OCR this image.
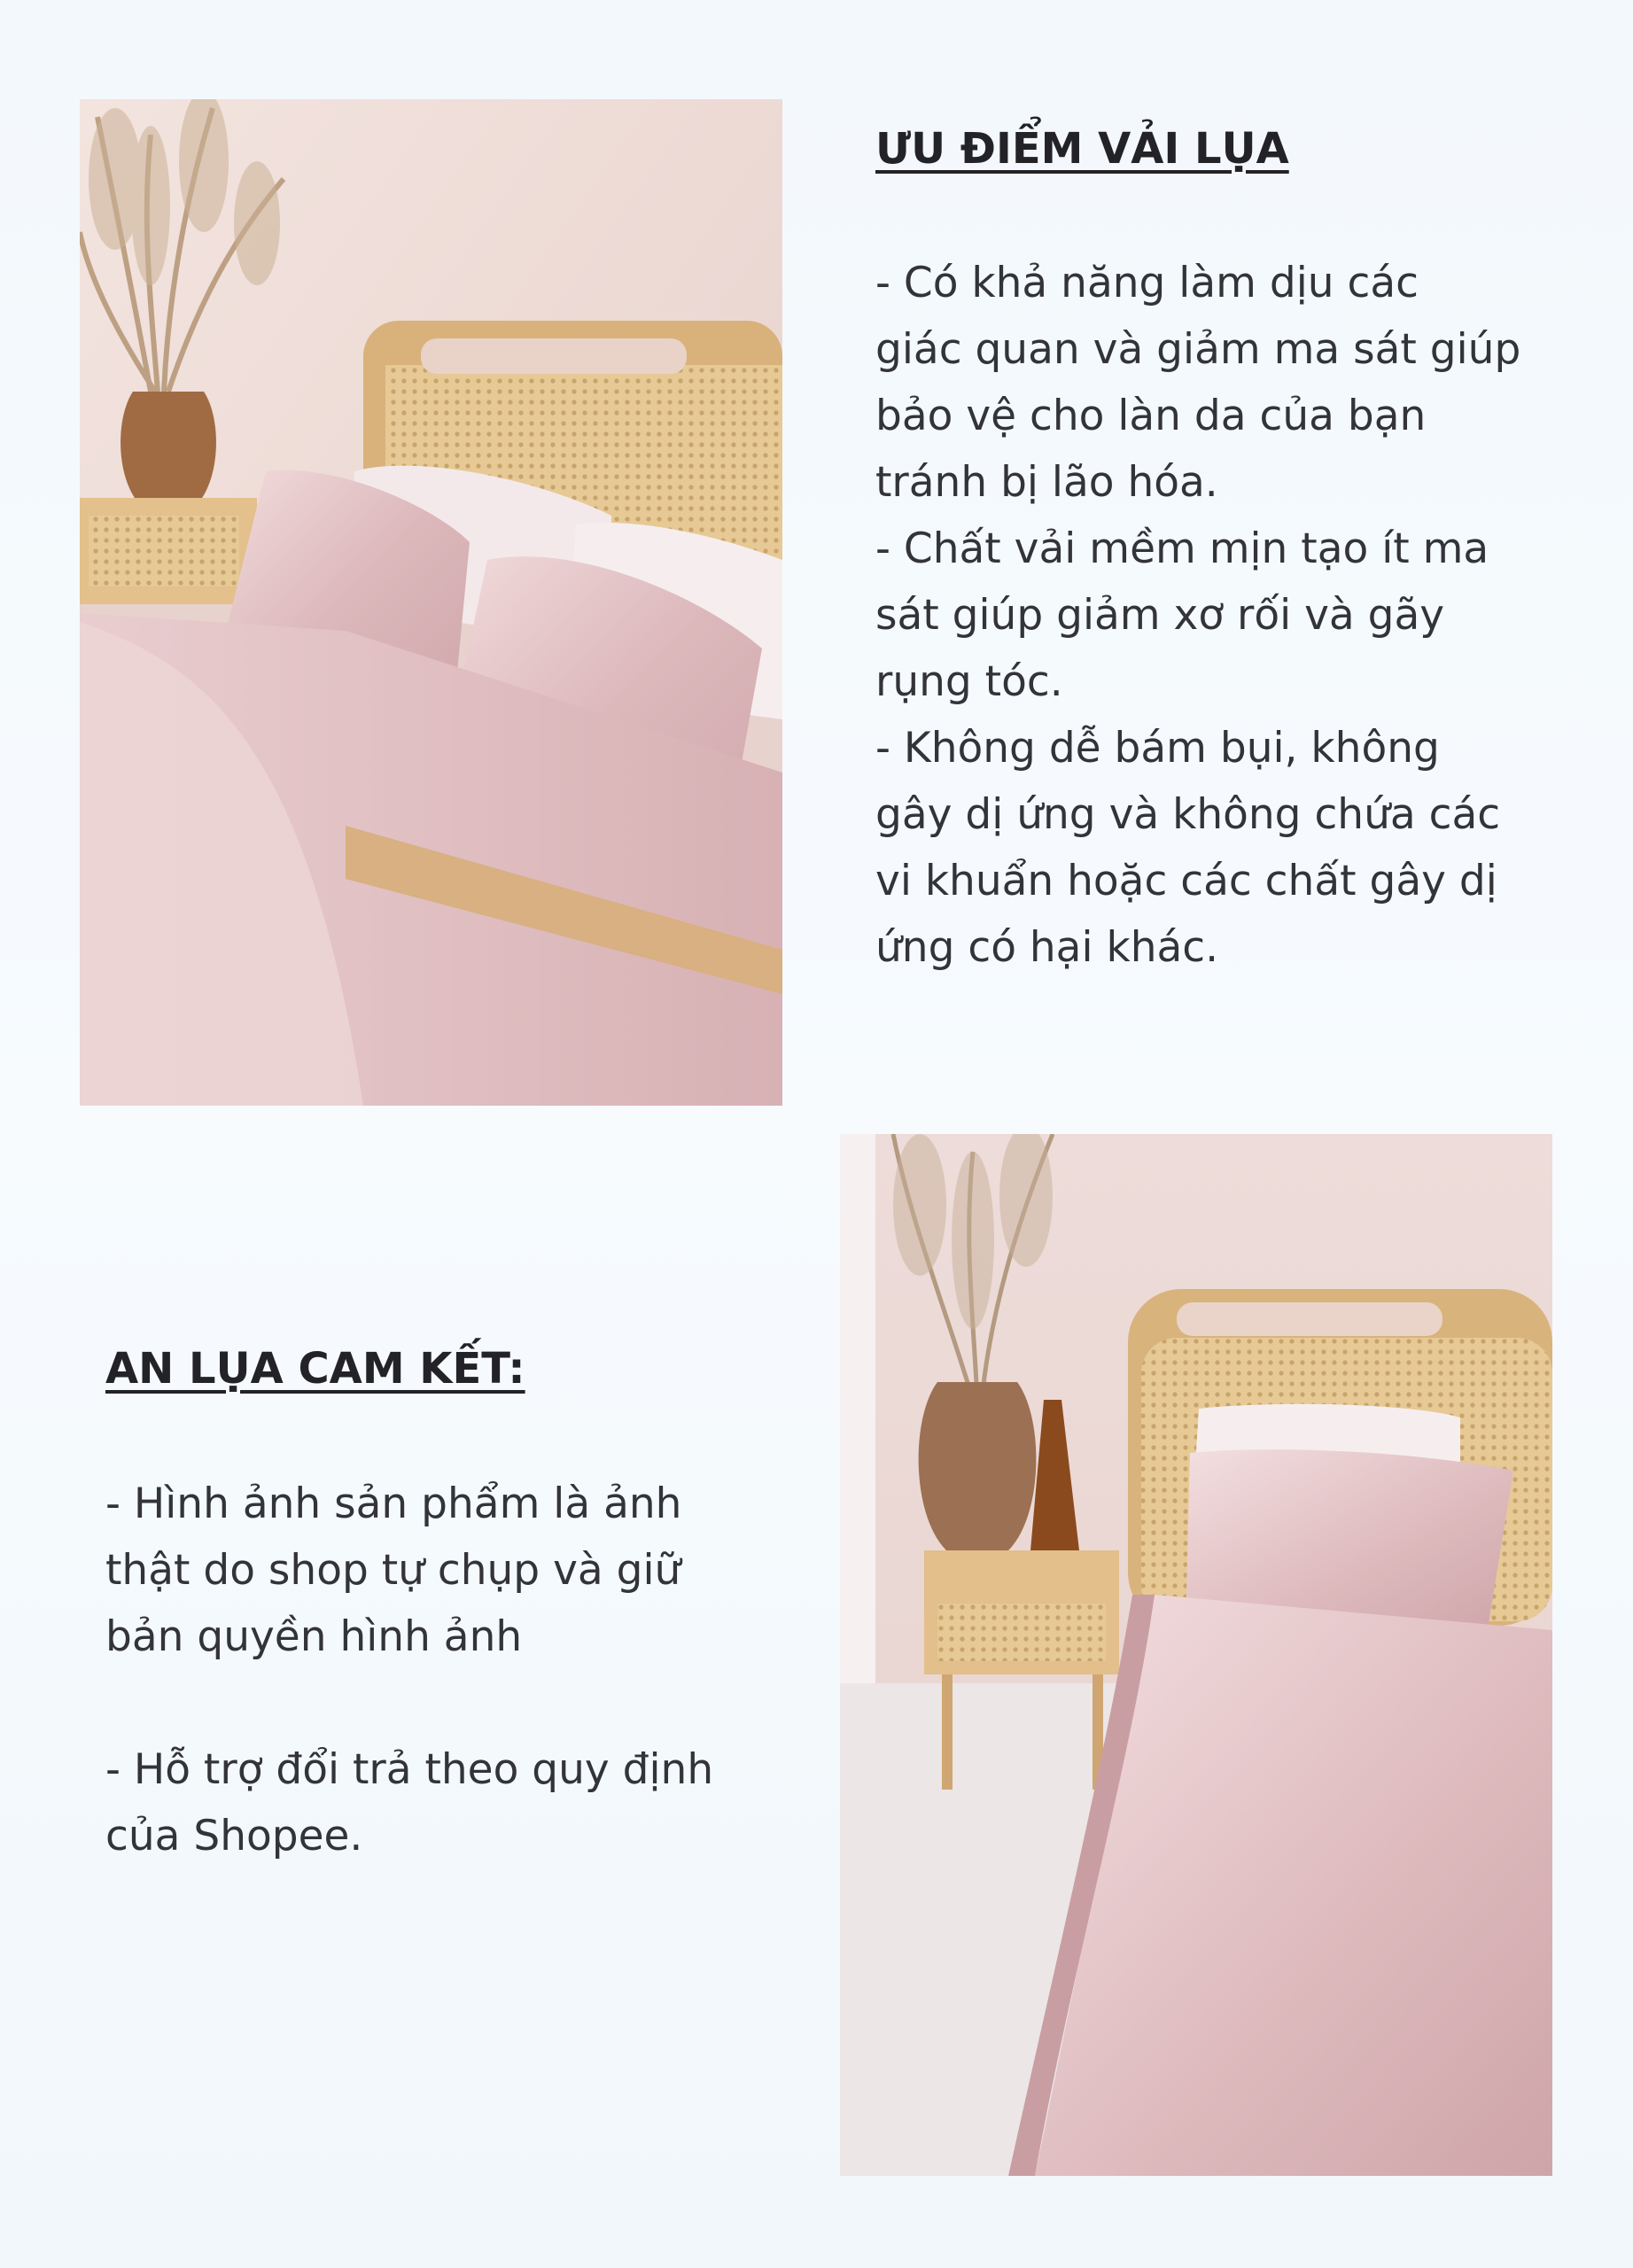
ƯU ĐIỂM VẢI LỤA

- Có khả năng làm dịu các

giác quan và giảm ma sát giúp

bảo vệ cho làn da của bạn

tránh bị lão hóa.

- Chất vải mềm mịn tạo ít ma

sát giúp giảm xơ rối và gãy

rụng tóc.

- Không dễ bám bụi, không

gây dị ứng và không chứa các

vi khuẩn hoặc các chất gây dị

ứng có hại khác.

AN LỤA CAM KẾT:

- Hình ảnh sản phẩm là ảnh

thật do shop tự chụp và giữ

bản quyền hình ảnh

- Hỗ trợ đổi trả theo quy định

của Shopee.
